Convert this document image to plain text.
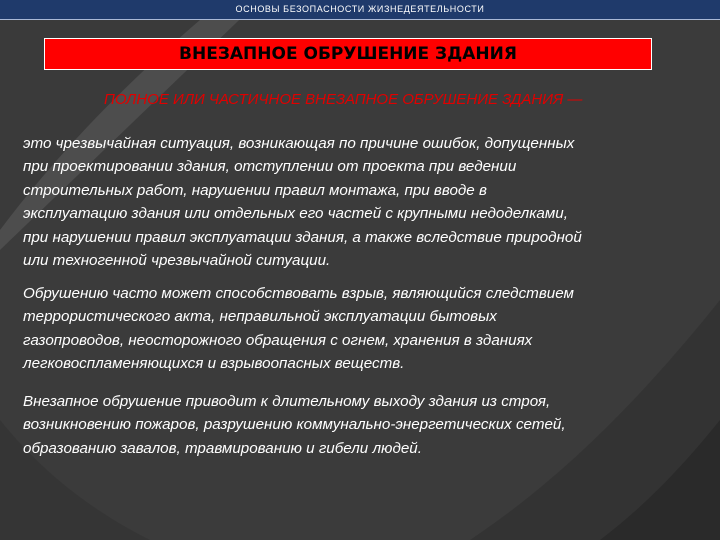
ОСНОВЫ БЕЗОПАСНОСТИ ЖИЗНЕДЕЯТЕЛЬНОСТИ
ВНЕЗАПНОЕ ОБРУШЕНИЕ ЗДАНИЯ
ПОЛНОЕ ИЛИ ЧАСТИЧНОЕ ВНЕЗАПНОЕ ОБРУШЕНИЕ ЗДАНИЯ —

это чрезвычайная ситуация, возникающая по причине ошибок, допущенных
при проектировании здания, отступлении от проекта при ведении
строительных работ, нарушении правил монтажа, при вводе в
эксплуатацию здания или отдельных его частей с крупными недоделками,
при нарушении правил эксплуатации здания, а также вследствие природной
или техногенной чрезвычайной ситуации.

Обрушению часто может способствовать взрыв, являющийся следствием
террористического акта, неправильной эксплуатации бытовых
газопроводов, неосторожного обращения с огнем, хранения в зданиях
легковоспламеняющихся и взрывоопасных веществ.

Внезапное обрушение приводит к длительному выходу здания из строя,
возникновению пожаров, разрушению коммунально-энергетических сетей,
образованию завалов, травмированию и гибели людей.
